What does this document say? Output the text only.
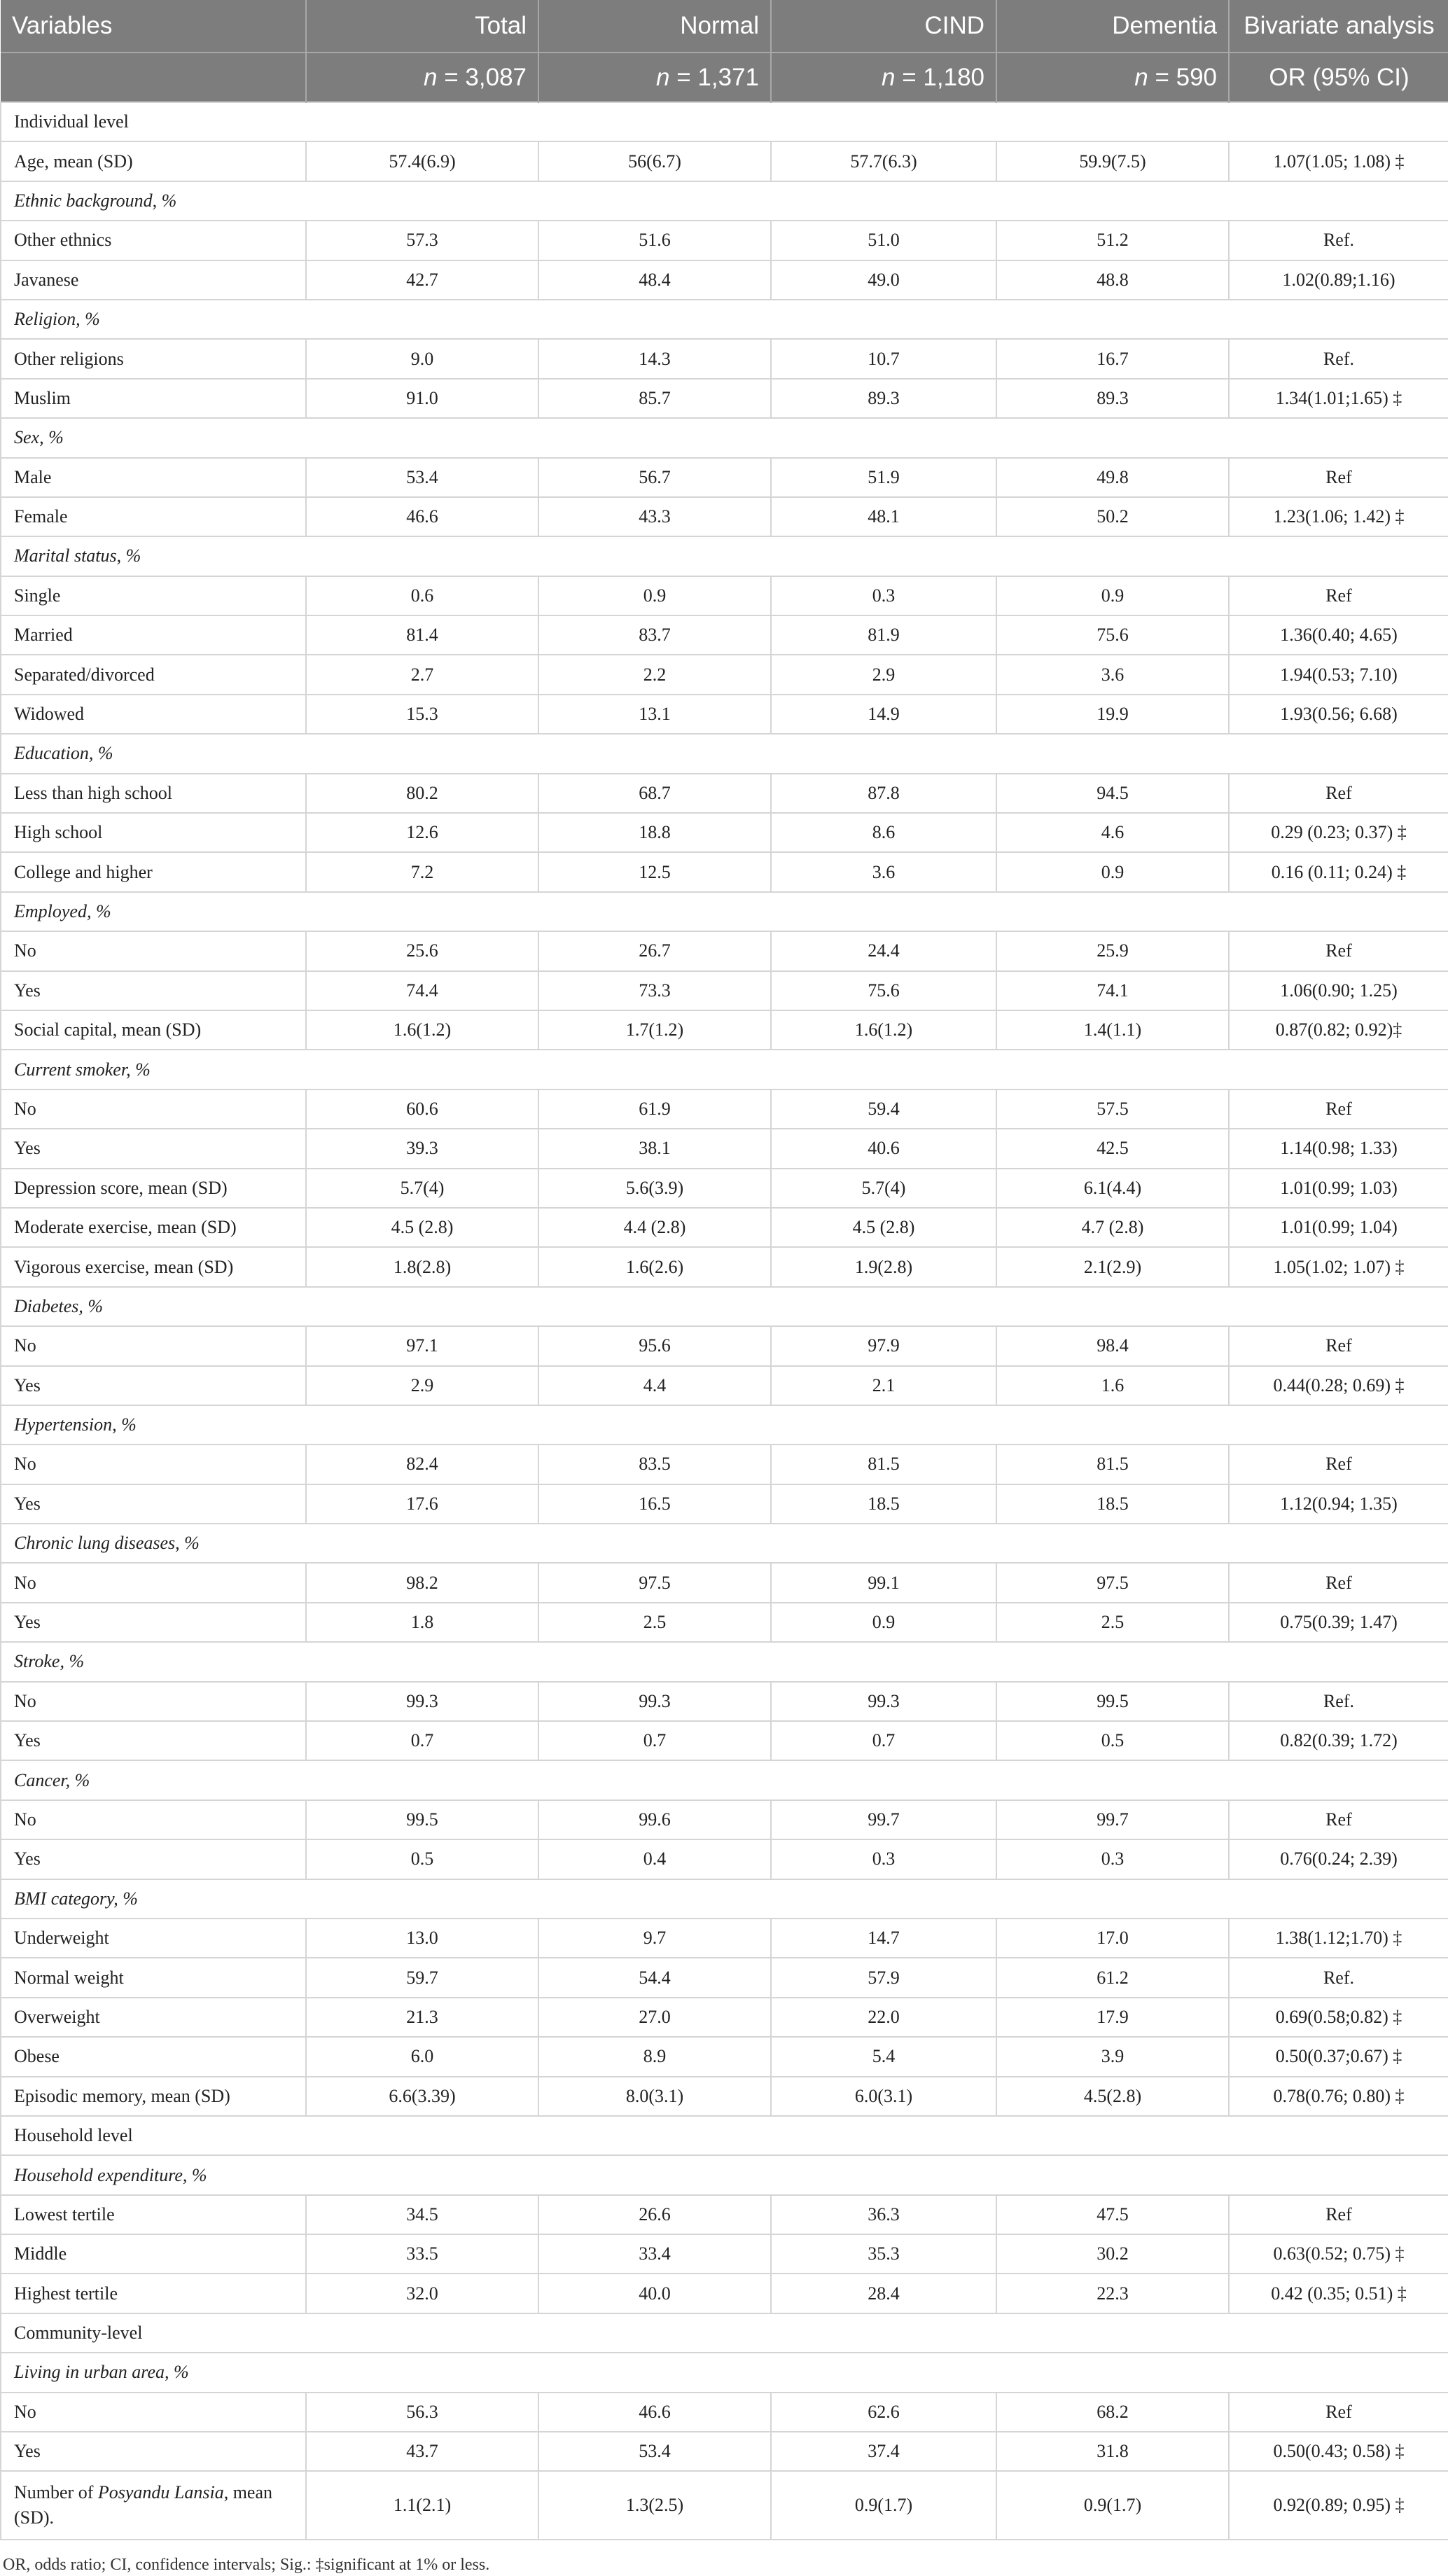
Variables	Total	Normal	CIND	Dementia	Bivariate analysis
	n = 3,087	n = 1,371	n = 1,180	n = 590	OR (95% CI)
Individual level					
Age, mean (SD)	57.4(6.9)	56(6.7)	57.7(6.3)	59.9(7.5)	1.07(1.05; 1.08) ‡
Ethnic background, %					
Other ethnics	57.3	51.6	51.0	51.2	Ref.
Javanese	42.7	48.4	49.0	48.8	1.02(0.89;1.16)
Religion, %					
Other religions	9.0	14.3	10.7	16.7	Ref.
Muslim	91.0	85.7	89.3	89.3	1.34(1.01;1.65) ‡
Sex, %					
Male	53.4	56.7	51.9	49.8	Ref
Female	46.6	43.3	48.1	50.2	1.23(1.06; 1.42) ‡
Marital status, %					
Single	0.6	0.9	0.3	0.9	Ref
Married	81.4	83.7	81.9	75.6	1.36(0.40; 4.65)
Separated/divorced	2.7	2.2	2.9	3.6	1.94(0.53; 7.10)
Widowed	15.3	13.1	14.9	19.9	1.93(0.56; 6.68)
Education, %					
Less than high school	80.2	68.7	87.8	94.5	Ref
High school	12.6	18.8	8.6	4.6	0.29 (0.23; 0.37) ‡
College and higher	7.2	12.5	3.6	0.9	0.16 (0.11; 0.24) ‡
Employed, %					
No	25.6	26.7	24.4	25.9	Ref
Yes	74.4	73.3	75.6	74.1	1.06(0.90; 1.25)
Social capital, mean (SD)	1.6(1.2)	1.7(1.2)	1.6(1.2)	1.4(1.1)	0.87(0.82; 0.92)‡
Current smoker, %					
No	60.6	61.9	59.4	57.5	Ref
Yes	39.3	38.1	40.6	42.5	1.14(0.98; 1.33)
Depression score, mean (SD)	5.7(4)	5.6(3.9)	5.7(4)	6.1(4.4)	1.01(0.99; 1.03)
Moderate exercise, mean (SD)	4.5 (2.8)	4.4 (2.8)	4.5 (2.8)	4.7 (2.8)	1.01(0.99; 1.04)
Vigorous exercise, mean (SD)	1.8(2.8)	1.6(2.6)	1.9(2.8)	2.1(2.9)	1.05(1.02; 1.07) ‡
Diabetes, %					
No	97.1	95.6	97.9	98.4	Ref
Yes	2.9	4.4	2.1	1.6	0.44(0.28; 0.69) ‡
Hypertension, %					
No	82.4	83.5	81.5	81.5	Ref
Yes	17.6	16.5	18.5	18.5	1.12(0.94; 1.35)
Chronic lung diseases, %					
No	98.2	97.5	99.1	97.5	Ref
Yes	1.8	2.5	0.9	2.5	0.75(0.39; 1.47)
Stroke, %					
No	99.3	99.3	99.3	99.5	Ref.
Yes	0.7	0.7	0.7	0.5	0.82(0.39; 1.72)
Cancer, %					
No	99.5	99.6	99.7	99.7	Ref
Yes	0.5	0.4	0.3	0.3	0.76(0.24; 2.39)
BMI category, %					
Underweight	13.0	9.7	14.7	17.0	1.38(1.12;1.70) ‡
Normal weight	59.7	54.4	57.9	61.2	Ref.
Overweight	21.3	27.0	22.0	17.9	0.69(0.58;0.82) ‡
Obese	6.0	8.9	5.4	3.9	0.50(0.37;0.67) ‡
Episodic memory, mean (SD)	6.6(3.39)	8.0(3.1)	6.0(3.1)	4.5(2.8)	0.78(0.76; 0.80) ‡
Household level					
Household expenditure, %					
Lowest tertile	34.5	26.6	36.3	47.5	Ref
Middle	33.5	33.4	35.3	30.2	0.63(0.52; 0.75) ‡
Highest tertile	32.0	40.0	28.4	22.3	0.42 (0.35; 0.51) ‡
Community-level					
Living in urban area, %					
No	56.3	46.6	62.6	68.2	Ref
Yes	43.7	53.4	37.4	31.8	0.50(0.43; 0.58) ‡
Number of Posyandu Lansia, mean (SD).	1.1(2.1)	1.3(2.5)	0.9(1.7)	0.9(1.7)	0.92(0.89; 0.95) ‡
OR, odds ratio; CI, confidence intervals; Sig.: ‡significant at 1% or less.
